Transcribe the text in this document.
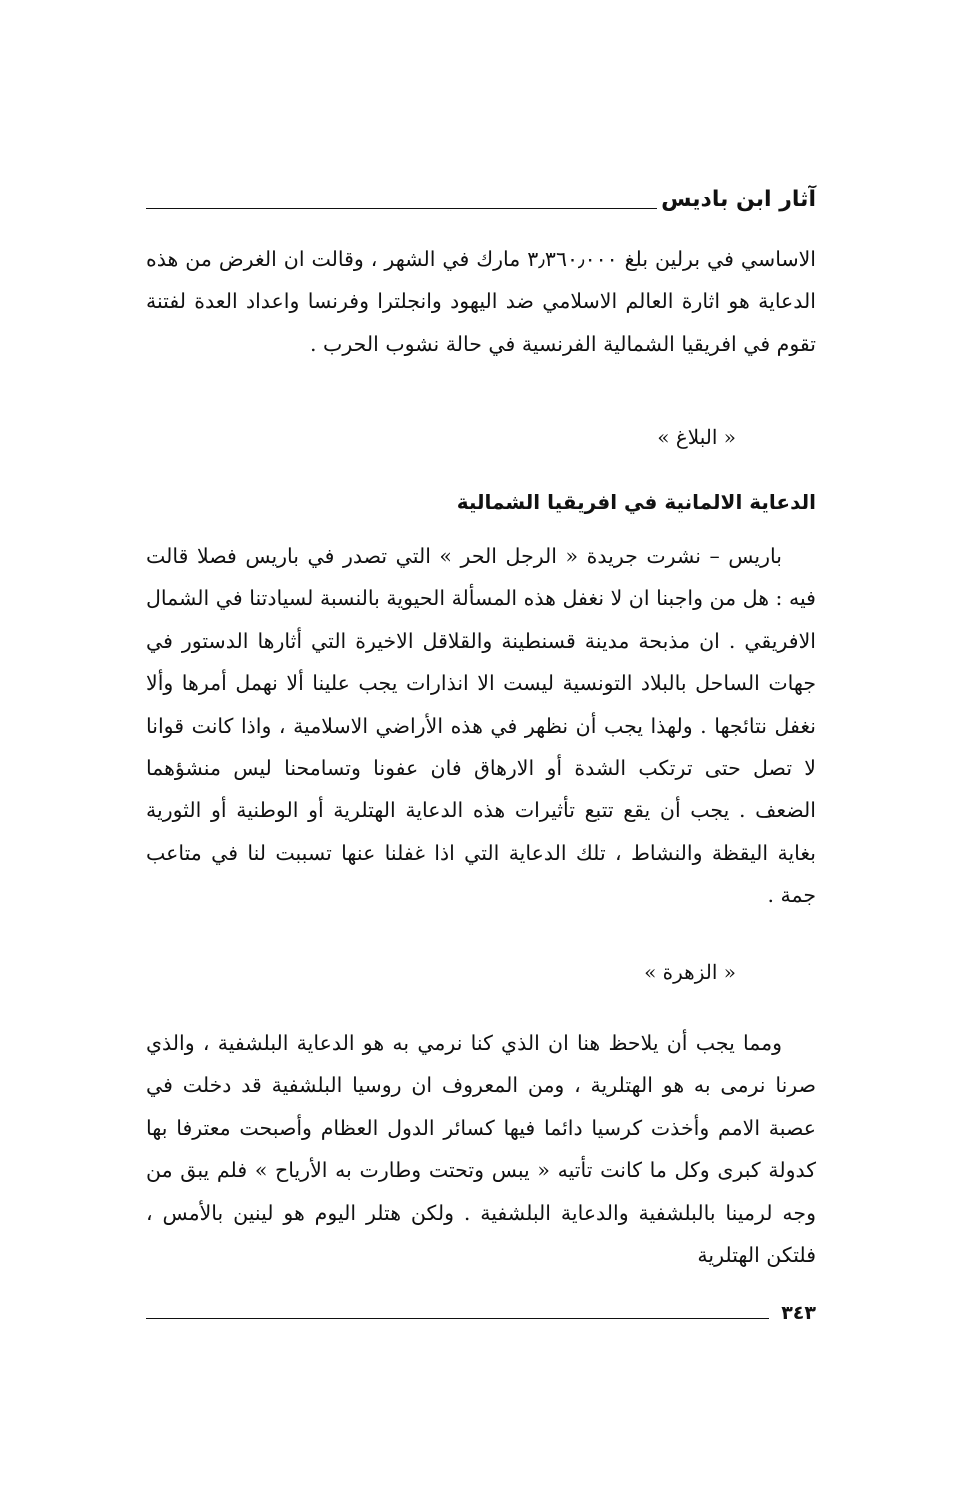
آثار ابن باديس

الاساسي في برلين بلغ ٣٫٣٦٠٫٠٠٠ مارك في الشهر ، وقالت ان الغرض من هذه الدعاية هو اثارة العالم الاسلامي ضد اليهود وانجلترا وفرنسا واعداد العدة لفتنة تقوم في افريقيا الشمالية الفرنسية في حالة نشوب الحرب .

« البلاغ »

الدعاية الالمانية في افريقيا الشمالية

باريس – نشرت جريدة « الرجل الحر » التي تصدر في باريس فصلا قالت فيه : هل من واجبنا ان لا نغفل هذه المسألة الحيوية بالنسبة لسيادتنا في الشمال الافريقي . ان مذبحة مدينة قسنطينة والقلاقل الاخيرة التي أثارها الدستور في جهات الساحل بالبلاد التونسية ليست الا انذارات يجب علينا ألا نهمل أمرها وألا نغفل نتائجها . ولهذا يجب أن نظهر في هذه الأراضي الاسلامية ، واذا كانت قوانا لا تصل حتى ترتكب الشدة أو الارهاق فان عفونا وتسامحنا ليس منشؤهما الضعف . يجب أن يقع تتبع تأثيرات هذه الدعاية الهتلرية أو الوطنية أو الثورية بغاية اليقظة والنشاط ، تلك الدعاية التي اذا غفلنا عنها تسببت لنا في متاعب جمة .

« الزهرة »

ومما يجب أن يلاحظ هنا ان الذي كنا نرمي به هو الدعاية البلشفية ، والذي صرنا نرمى به هو الهتلرية ، ومن المعروف ان روسيا البلشفية قد دخلت في عصبة الامم وأخذت كرسيا دائما فيها كسائر الدول العظام وأصبحت معترفا بها كدولة كبرى وكل ما كانت تأتيه « يبس وتحتت وطارت به الأرياح » فلم يبق من وجه لرمينا بالبلشفية والدعاية البلشفية . ولكن هتلر اليوم هو لينين بالأمس ، فلتكن الهتلرية

٣٤٣
